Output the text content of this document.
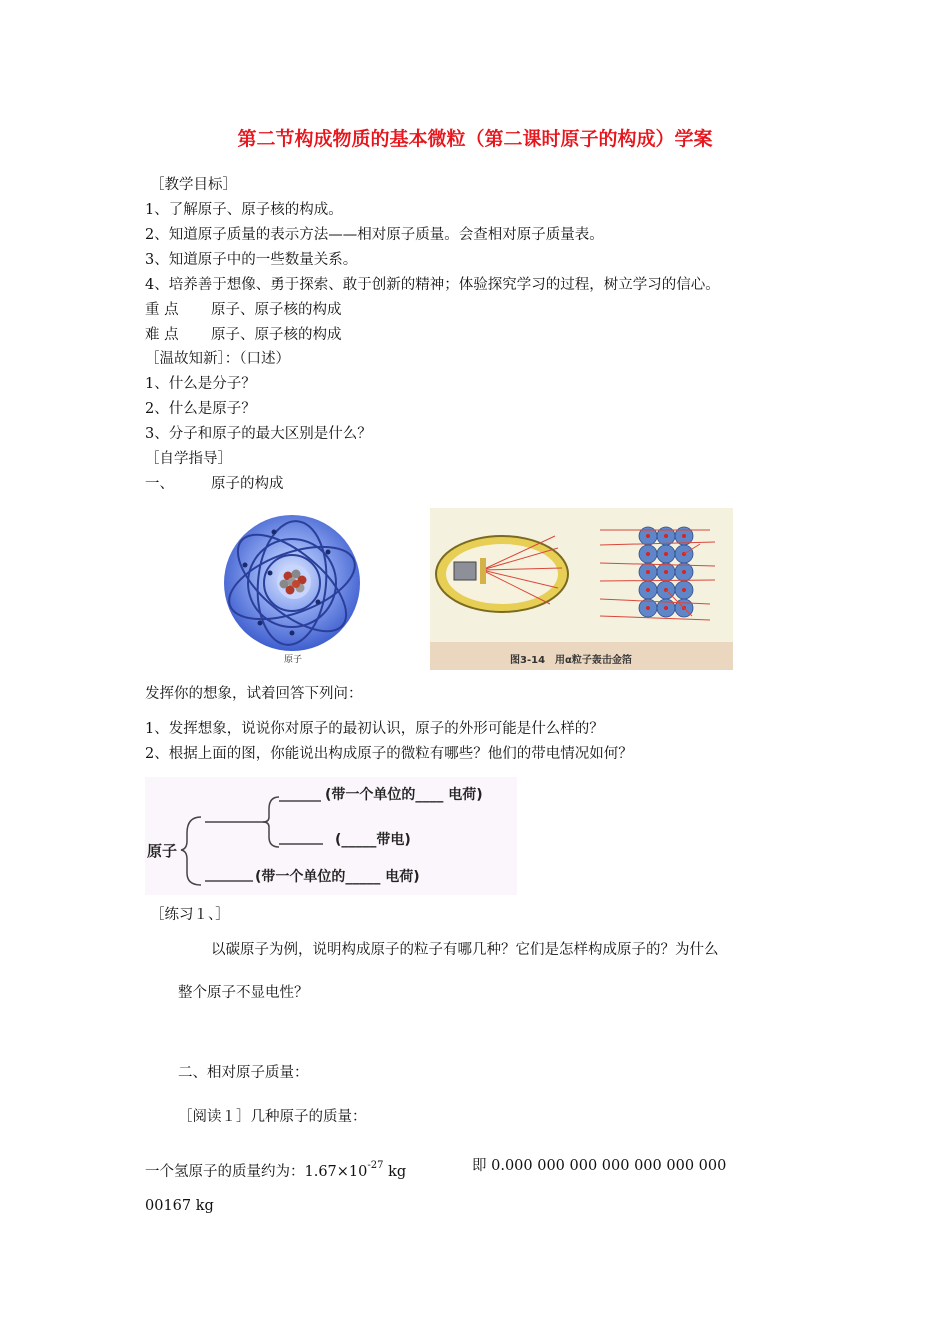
第二节构成物质的基本微粒（第二课时原子的构成）学案
［教学目标］
1、了解原子、原子核的构成。
2、知道原子质量的表示方法——相对原子质量。会查相对原子质量表。
3、知道原子中的一些数量关系。
4、培养善于想像、勇于探索、敢于创新的精神；体验探究学习的过程，树立学习的信心。
重 点 原子、原子核的构成
难 点 原子、原子核的构成
［温故知新］：（口述）
1、什么是分子？
2、什么是原子？
3、分子和原子的最大区别是什么？
［自学指导］
一、	原子的构成
原子	图3-14　用α粒子轰击金箔
发挥你的想象，试着回答下列问：
1、发挥想象，说说你对原子的最初认识，原子的外形可能是什么样的？
2、根据上面的图，你能说出构成原子的微粒有哪些？他们的带电情况如何？
原子
(带一个单位的____ 电荷)
(_____带电)
(带一个单位的_____ 电荷)
［练习１、］
以碳原子为例，说明构成原子的粒子有哪几种？它们是怎样构成原子的？为什么
整个原子不显电性？
二、相对原子质量：
［阅读１］几种原子的质量：
一个氢原子的质量约为：$1.67\times 10^{-27}$ kg	即 0.000 000 000 000 000 000 000
00167 kg
